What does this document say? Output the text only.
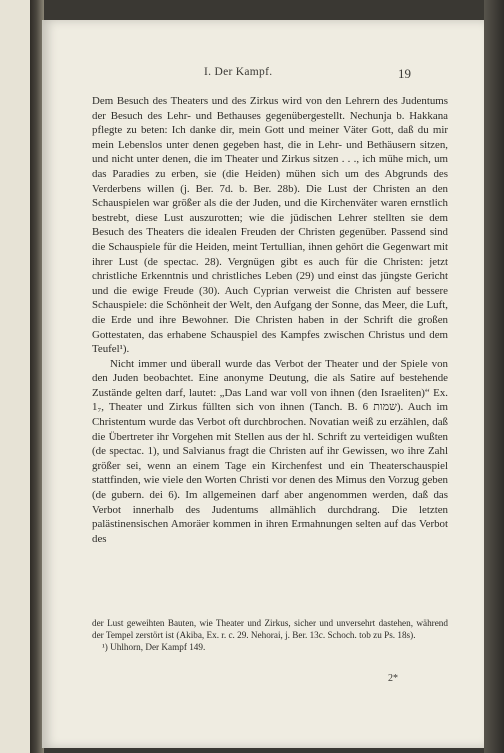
I. Der Kampf.	19

Dem Besuch des Theaters und des Zirkus wird von den Lehrern des Judentums der Besuch des Lehr- und Bethauses gegenübergestellt. Nechunja b. Hakkana pflegte zu beten: Ich danke dir, mein Gott und meiner Väter Gott, daß du mir mein Lebenslos unter denen gegeben hast, die in Lehr- und Bethäusern sitzen, und nicht unter denen, die im Theater und Zirkus sitzen . . ., ich mühe mich, um das Paradies zu erben, sie (die Heiden) mühen sich um des Abgrunds des Verderbens willen (j. Ber. 7d. b. Ber. 28b). Die Lust der Christen an den Schauspielen war größer als die der Juden, und die Kirchenväter waren ernstlich bestrebt, diese Lust auszurotten; wie die jüdischen Lehrer stellten sie dem Besuch des Theaters die idealen Freuden der Christen gegenüber. Passend sind die Schauspiele für die Heiden, meint Tertullian, ihnen gehört die Gegenwart mit ihrer Lust (de spectac. 28). Vergnügen gibt es auch für die Christen: jetzt christliche Erkenntnis und christliches Leben (29) und einst das jüngste Gericht und die ewige Freude (30). Auch Cyprian verweist die Christen auf bessere Schauspiele: die Schönheit der Welt, den Aufgang der Sonne, das Meer, die Luft, die Erde und ihre Bewohner. Die Christen haben in der Schrift die großen Gottestaten, das erhabene Schauspiel des Kampfes zwischen Christus und dem Teufel¹).

Nicht immer und überall wurde das Verbot der Theater und der Spiele von den Juden beobachtet. Eine anonyme Deutung, die als Satire auf bestehende Zustände gelten darf, lautet: „Das Land war voll von ihnen (den Israeliten)“ Ex. 1₇, Theater und Zirkus füllten sich von ihnen (Tanch. B. שמות 6). Auch im Christentum wurde das Verbot oft durchbrochen. Novatian weiß zu erzählen, daß die Übertreter ihr Vorgehen mit Stellen aus der hl. Schrift zu verteidigen wußten (de spectac. 1), und Salvianus fragt die Christen auf ihr Gewissen, wo ihre Zahl größer sei, wenn an einem Tage ein Kirchenfest und ein Theaterschauspiel stattfinden, wie viele den Worten Christi vor denen des Mimus den Vorzug geben (de gubern. dei 6). Im allgemeinen darf aber angenommen werden, daß das Verbot innerhalb des Judentums allmählich durchdrang. Die letzten palästinensischen Amoräer kommen in ihren Ermahnungen selten auf das Verbot des

der Lust geweihten Bauten, wie Theater und Zirkus, sicher und unversehrt dastehen, während der Tempel zerstört ist (Akiba, Ex. r. c. 29. Nehorai, j. Ber. 13c. Schoch. tob zu Ps. 18s).

¹) Uhlhorn, Der Kampf 149.

2*
